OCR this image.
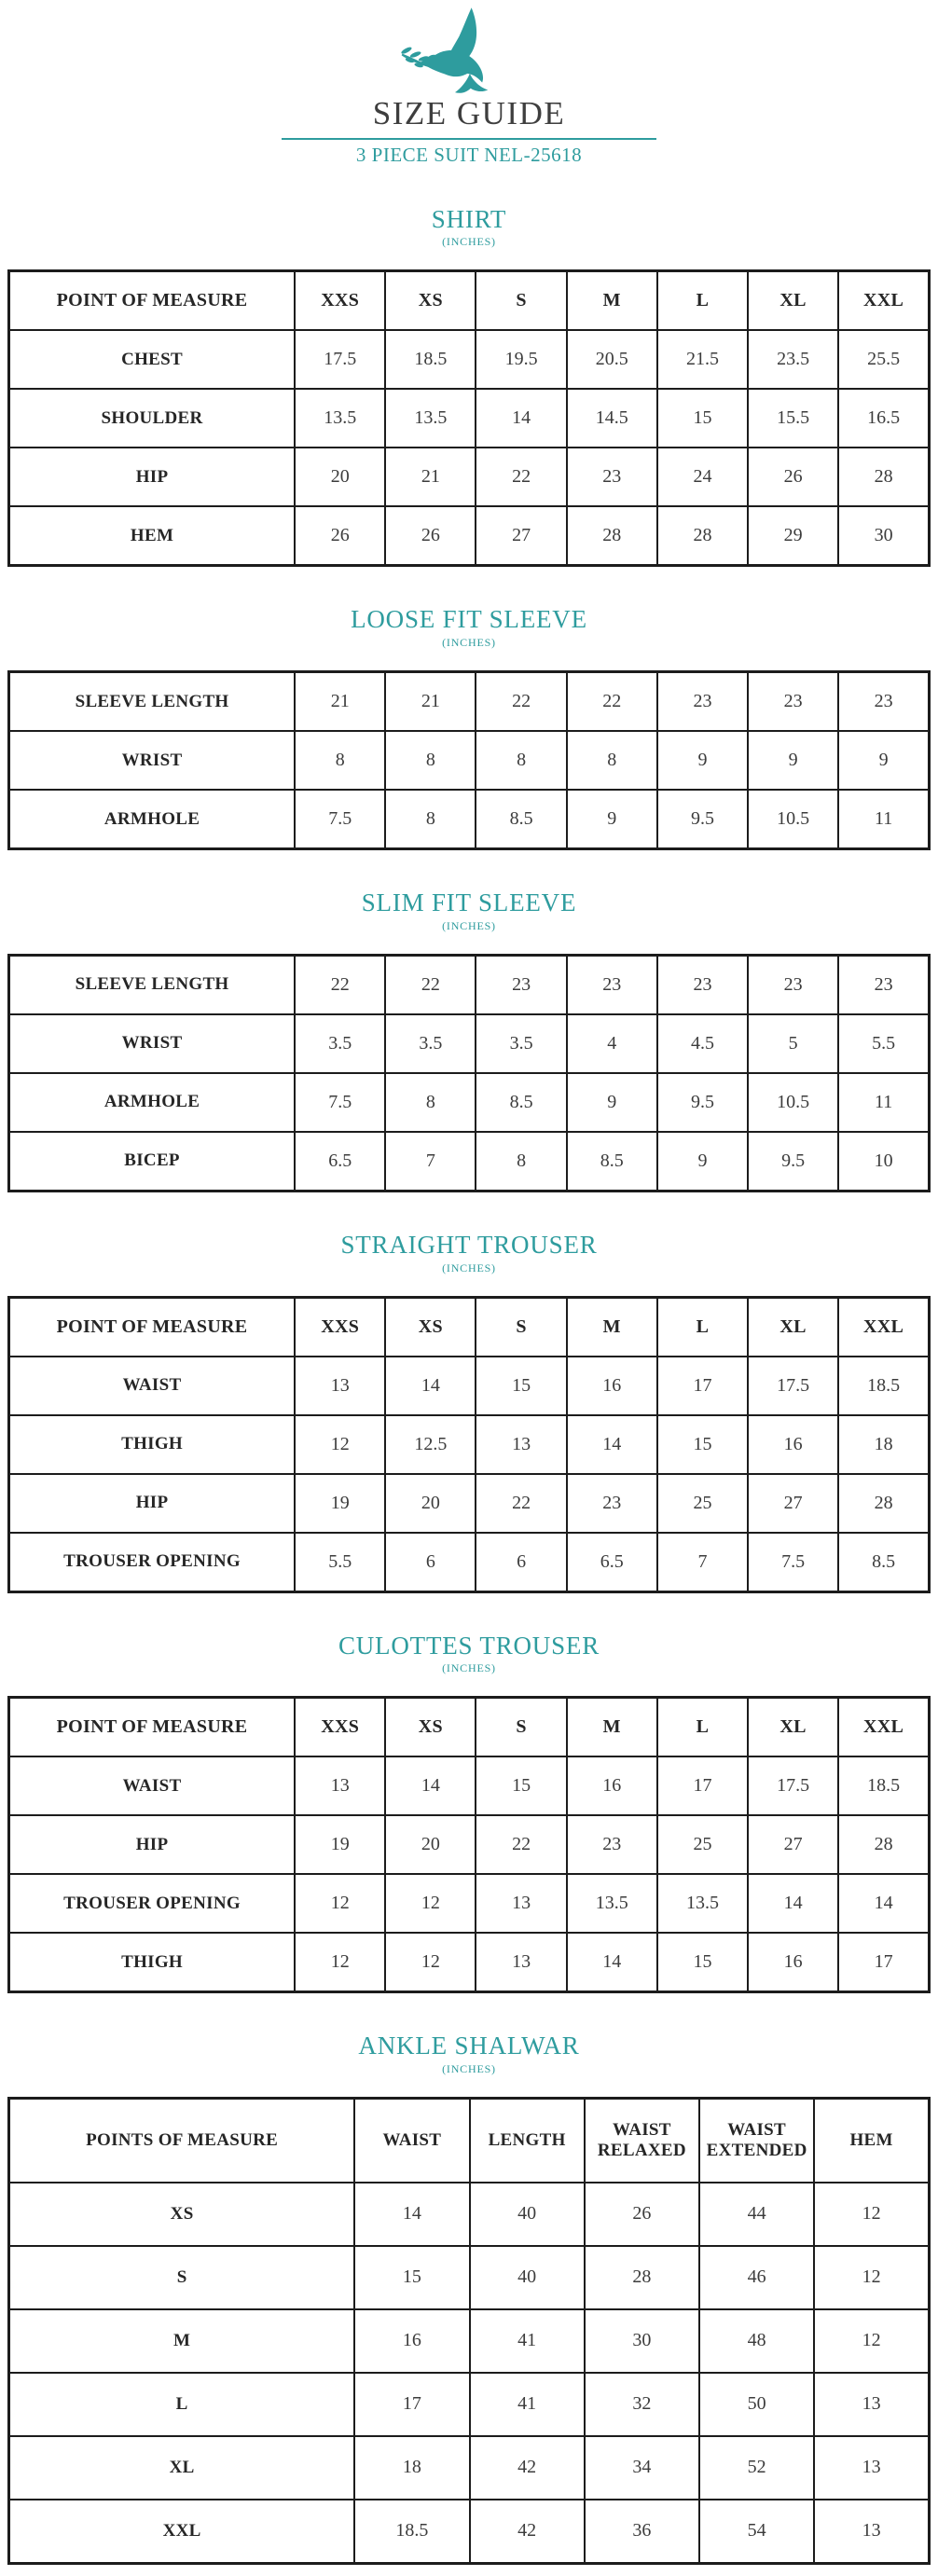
SIZE GUIDE

3 PIECE SUIT NEL-25618

SHIRT
(INCHES)
POINT OF MEASURE	XXS	XS	S	M	L	XL	XXL
CHEST	17.5	18.5	19.5	20.5	21.5	23.5	25.5
SHOULDER	13.5	13.5	14	14.5	15	15.5	16.5
HIP	20	21	22	23	24	26	28
HEM	26	26	27	28	28	29	30
LOOSE FIT SLEEVE
(INCHES)
SLEEVE LENGTH	21	21	22	22	23	23	23
WRIST	8	8	8	8	9	9	9
ARMHOLE	7.5	8	8.5	9	9.5	10.5	11
SLIM FIT SLEEVE
(INCHES)
SLEEVE LENGTH	22	22	23	23	23	23	23
WRIST	3.5	3.5	3.5	4	4.5	5	5.5
ARMHOLE	7.5	8	8.5	9	9.5	10.5	11
BICEP	6.5	7	8	8.5	9	9.5	10
STRAIGHT TROUSER
(INCHES)
POINT OF MEASURE	XXS	XS	S	M	L	XL	XXL
WAIST	13	14	15	16	17	17.5	18.5
THIGH	12	12.5	13	14	15	16	18
HIP	19	20	22	23	25	27	28
TROUSER OPENING	5.5	6	6	6.5	7	7.5	8.5
CULOTTES TROUSER
(INCHES)
POINT OF MEASURE	XXS	XS	S	M	L	XL	XXL
WAIST	13	14	15	16	17	17.5	18.5
HIP	19	20	22	23	25	27	28
TROUSER OPENING	12	12	13	13.5	13.5	14	14
THIGH	12	12	13	14	15	16	17
ANKLE SHALWAR
(INCHES)
POINTS OF MEASURE	WAIST	LENGTH	WAIST RELAXED	WAIST EXTENDED	HEM
XS	14	40	26	44	12
S	15	40	28	46	12
M	16	41	30	48	12
L	17	41	32	50	13
XL	18	42	34	52	13
XXL	18.5	42	36	54	13
